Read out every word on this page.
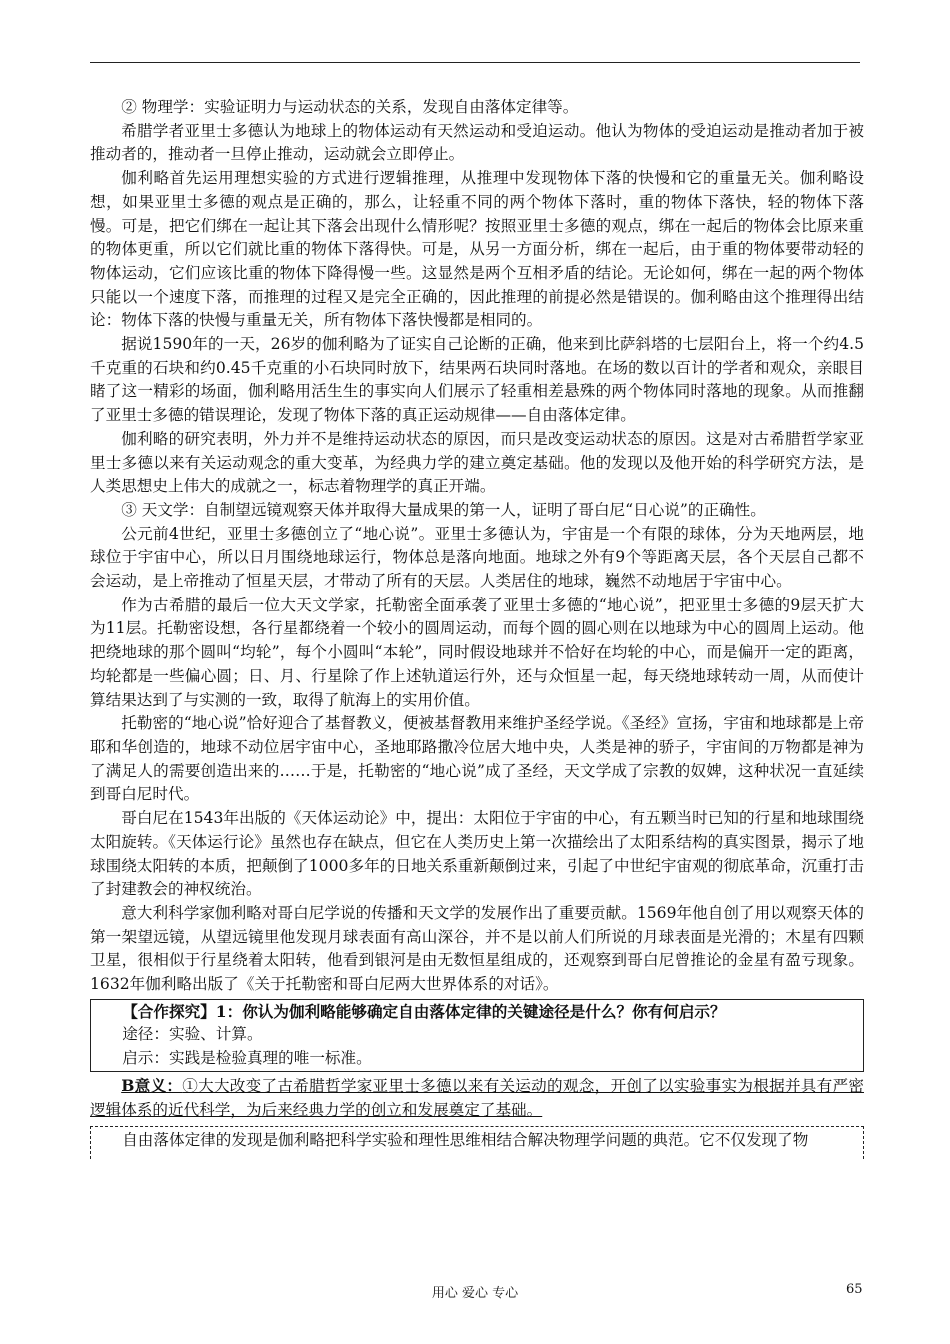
② 物理学：实验证明力与运动状态的关系，发现自由落体定律等。

希腊学者亚里士多德认为地球上的物体运动有天然运动和受迫运动。他认为物体的受迫运动是推动者加于被推动者的，推动者一旦停止推动，运动就会立即停止。

伽利略首先运用理想实验的方式进行逻辑推理，从推理中发现物体下落的快慢和它的重量无关。伽利略设想，如果亚里士多德的观点是正确的，那么，让轻重不同的两个物体下落时，重的物体下落快，轻的物体下落慢。可是，把它们绑在一起让其下落会出现什么情形呢？按照亚里士多德的观点，绑在一起后的物体会比原来重的物体更重，所以它们就比重的物体下落得快。可是，从另一方面分析，绑在一起后，由于重的物体要带动轻的物体运动，它们应该比重的物体下降得慢一些。这显然是两个互相矛盾的结论。无论如何，绑在一起的两个物体只能以一个速度下落，而推理的过程又是完全正确的，因此推理的前提必然是错误的。伽利略由这个推理得出结论：物体下落的快慢与重量无关，所有物体下落快慢都是相同的。

据说1590年的一天，26岁的伽利略为了证实自己论断的正确，他来到比萨斜塔的七层阳台上，将一个约4.5千克重的石块和约0.45千克重的小石块同时放下，结果两石块同时落地。在场的数以百计的学者和观众，亲眼目睹了这一精彩的场面，伽利略用活生生的事实向人们展示了轻重相差悬殊的两个物体同时落地的现象。从而推翻了亚里士多德的错误理论，发现了物体下落的真正运动规律——自由落体定律。

伽利略的研究表明，外力并不是维持运动状态的原因，而只是改变运动状态的原因。这是对古希腊哲学家亚里士多德以来有关运动观念的重大变革，为经典力学的建立奠定基础。他的发现以及他开始的科学研究方法，是人类思想史上伟大的成就之一，标志着物理学的真正开端。

③ 天文学：自制望远镜观察天体并取得大量成果的第一人，证明了哥白尼“日心说”的正确性。

公元前4世纪，亚里士多德创立了“地心说”。亚里士多德认为，宇宙是一个有限的球体，分为天地两层，地球位于宇宙中心，所以日月围绕地球运行，物体总是落向地面。地球之外有9个等距离天层，各个天层自己都不会运动，是上帝推动了恒星天层，才带动了所有的天层。人类居住的地球，巍然不动地居于宇宙中心。

作为古希腊的最后一位大天文学家，托勒密全面承袭了亚里士多德的“地心说”，把亚里士多德的9层天扩大为11层。托勒密设想，各行星都绕着一个较小的圆周运动，而每个圆的圆心则在以地球为中心的圆周上运动。他把绕地球的那个圆叫“均轮”，每个小圆叫“本轮”，同时假设地球并不恰好在均轮的中心，而是偏开一定的距离，均轮都是一些偏心圆；日、月、行星除了作上述轨道运行外，还与众恒星一起，每天绕地球转动一周，从而使计算结果达到了与实测的一致，取得了航海上的实用价值。

托勒密的“地心说”恰好迎合了基督教义，便被基督教用来维护圣经学说。《圣经》宣扬，宇宙和地球都是上帝耶和华创造的，地球不动位居宇宙中心，圣地耶路撒冷位居大地中央，人类是神的骄子，宇宙间的万物都是神为了满足人的需要创造出来的……于是，托勒密的“地心说”成了圣经，天文学成了宗教的奴婢，这种状况一直延续到哥白尼时代。

哥白尼在1543年出版的《天体运动论》中，提出：太阳位于宇宙的中心，有五颗当时已知的行星和地球围绕太阳旋转。《天体运行论》虽然也存在缺点，但它在人类历史上第一次描绘出了太阳系结构的真实图景，揭示了地球围绕太阳转的本质，把颠倒了1000多年的日地关系重新颠倒过来，引起了中世纪宇宙观的彻底革命，沉重打击了封建教会的神权统治。

意大利科学家伽利略对哥白尼学说的传播和天文学的发展作出了重要贡献。1569年他自创了用以观察天体的第一架望远镜，从望远镜里他发现月球表面有高山深谷，并不是以前人们所说的月球表面是光滑的；木星有四颗卫星，很相似于行星绕着太阳转，他看到银河是由无数恒星组成的，还观察到哥白尼曾推论的金星有盈亏现象。1632年伽利略出版了《关于托勒密和哥白尼两大世界体系的对话》。

【合作探究】1：你认为伽利略能够确定自由落体定律的关键途径是什么？你有何启示？

途径：实验、计算。

启示：实践是检验真理的唯一标准。

B意义：①大大改变了古希腊哲学家亚里士多德以来有关运动的观念，开创了以实验事实为根据并具有严密逻辑体系的近代科学，为后来经典力学的创立和发展奠定了基础。

自由落体定律的发现是伽利略把科学实验和理性思维相结合解决物理学问题的典范。它不仅发现了物

用心 爱心 专心	65
